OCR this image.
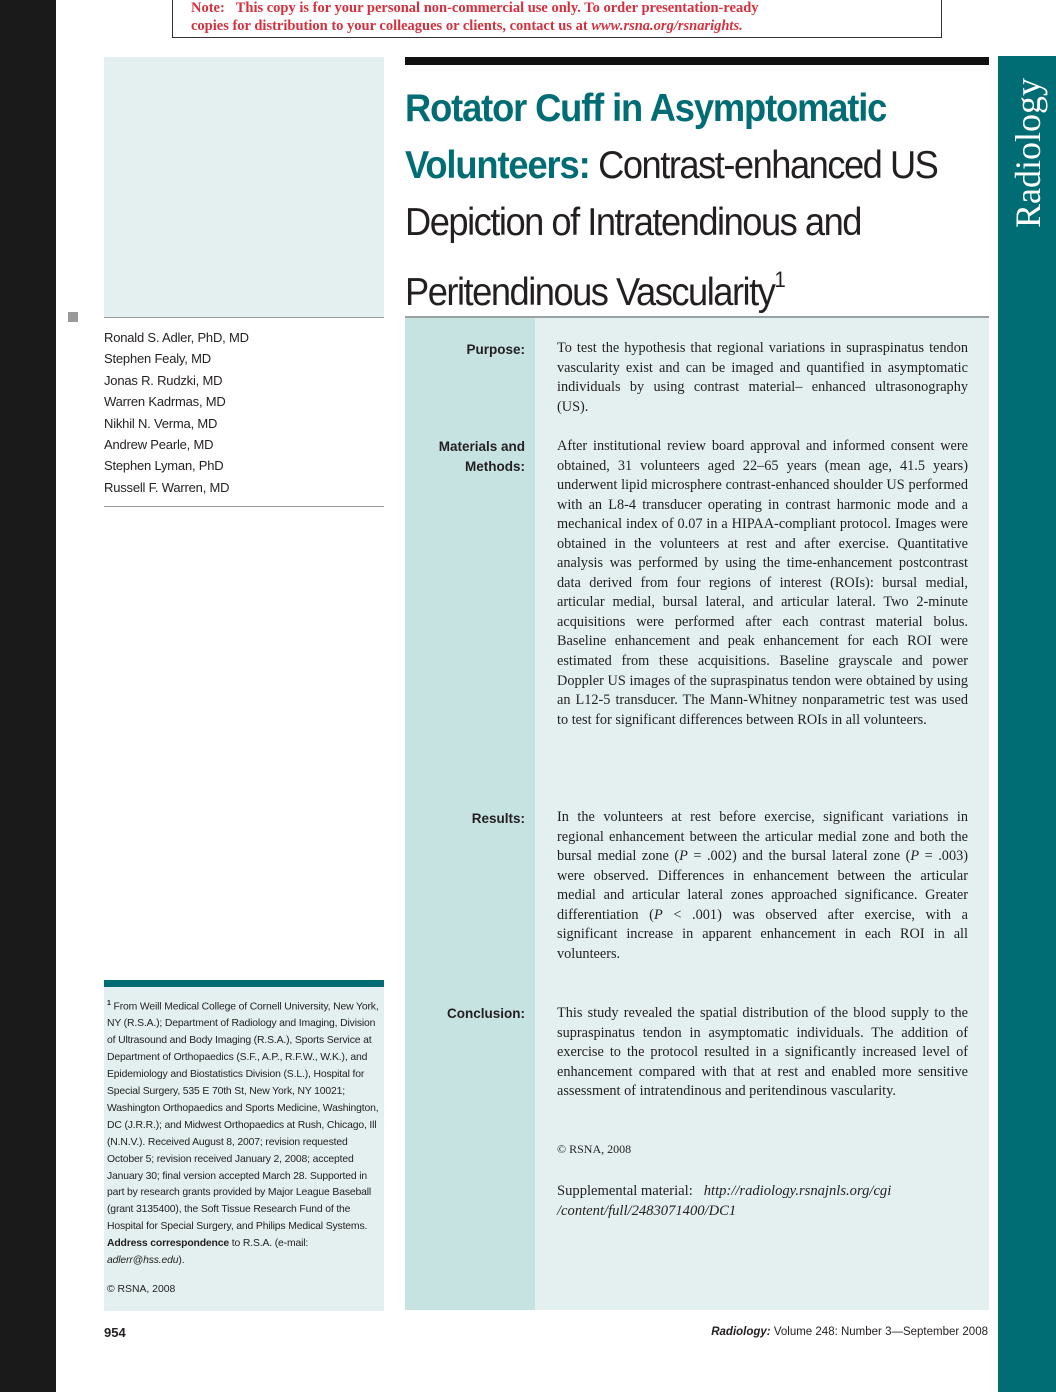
ORIGINAL RESEARCHMUSCULOSKELETAL IMAGING	Radiology
Note: This copy is for your personal non-commercial use only. To order presentation-ready
copies for distribution to your colleagues or clients, contact us at www.rsna.org/rsnarights.
Ronald S. Adler, PhD, MD
Stephen Fealy, MD
Jonas R. Rudzki, MD
Warren Kadrmas, MD
Nikhil N. Verma, MD
Andrew Pearle, MD
Stephen Lyman, PhD
Russell F. Warren, MD
$^1$ From Weill Medical College of Cornell University, New York, NY (R.S.A.); Department of Radiology and Imaging, Division of Ultrasound and Body Imaging (R.S.A.), Sports Service at Department of Orthopaedics (S.F., A.P., R.F.W., W.K.), and Epidemiology and Biostatistics Division (S.L.), Hospital for Special Surgery, 535 E 70th St, New York, NY 10021; Washington Orthopaedics and Sports Medicine, Washington, DC (J.R.R.); and Midwest Orthopaedics at Rush, Chicago, Ill (N.N.V.). Received August 8, 2007; revision requested October 5; revision received January 2, 2008; accepted January 30; final version accepted March 28. Supported in part by research grants provided by Major League Baseball (grant 3135400), the Soft Tissue Research Fund of the Hospital for Special Surgery, and Philips Medical Systems. Address correspondence to R.S.A. (e-mail: adlerr@hss.edu).
© RSNA, 2008
Rotator Cuff in Asymptomatic Volunteers: Contrast-enhanced US Depiction of Intratendinous and Peritendinous Vascularity$^1$
Purpose: To test the hypothesis that regional variations in supraspinatus tendon vascularity exist and can be imaged and quantified in asymptomatic individuals by using contrast material– enhanced ultrasonography (US).
Materials and
Methods:
After institutional review board approval and informed consent were obtained, 31 volunteers aged 22–65 years (mean age, 41.5 years) underwent lipid microsphere contrast-enhanced shoulder US performed with an L8-4 transducer operating in contrast harmonic mode and a mechanical index of 0.07 in a HIPAA-compliant protocol. Images were obtained in the volunteers at rest and after exercise. Quantitative analysis was performed by using the time-enhancement postcontrast data derived from four regions of interest (ROIs): bursal medial, articular medial, bursal lateral, and articular lateral. Two 2-minute acquisitions were performed after each contrast material bolus. Baseline enhancement and peak enhancement for each ROI were estimated from these acquisitions. Baseline grayscale and power Doppler US images of the supraspinatus tendon were obtained by using an L12-5 transducer. The Mann-Whitney nonparametric test was used to test for significant differences between ROIs in all volunteers.
Results: In the volunteers at rest before exercise, significant variations in regional enhancement between the articular medial zone and both the bursal medial zone (P = .002) and the bursal lateral zone (P = .003) were observed. Differences in enhancement between the articular medial and articular lateral zones approached significance. Greater differentiation (P < .001) was observed after exercise, with a significant increase in apparent enhancement in each ROI in all volunteers.
Conclusion: This study revealed the spatial distribution of the blood supply to the supraspinatus tendon in asymptomatic individuals. The addition of exercise to the protocol resulted in a significantly increased level of enhancement compared with that at rest and enabled more sensitive assessment of intratendinous and peritendinous vascularity.
© RSNA, 2008
Supplemental material: http://radiology.rsnajnls.org/cgi
/content/full/2483071400/DC1
954	Radiology: Volume 248: Number 3—September 2008
